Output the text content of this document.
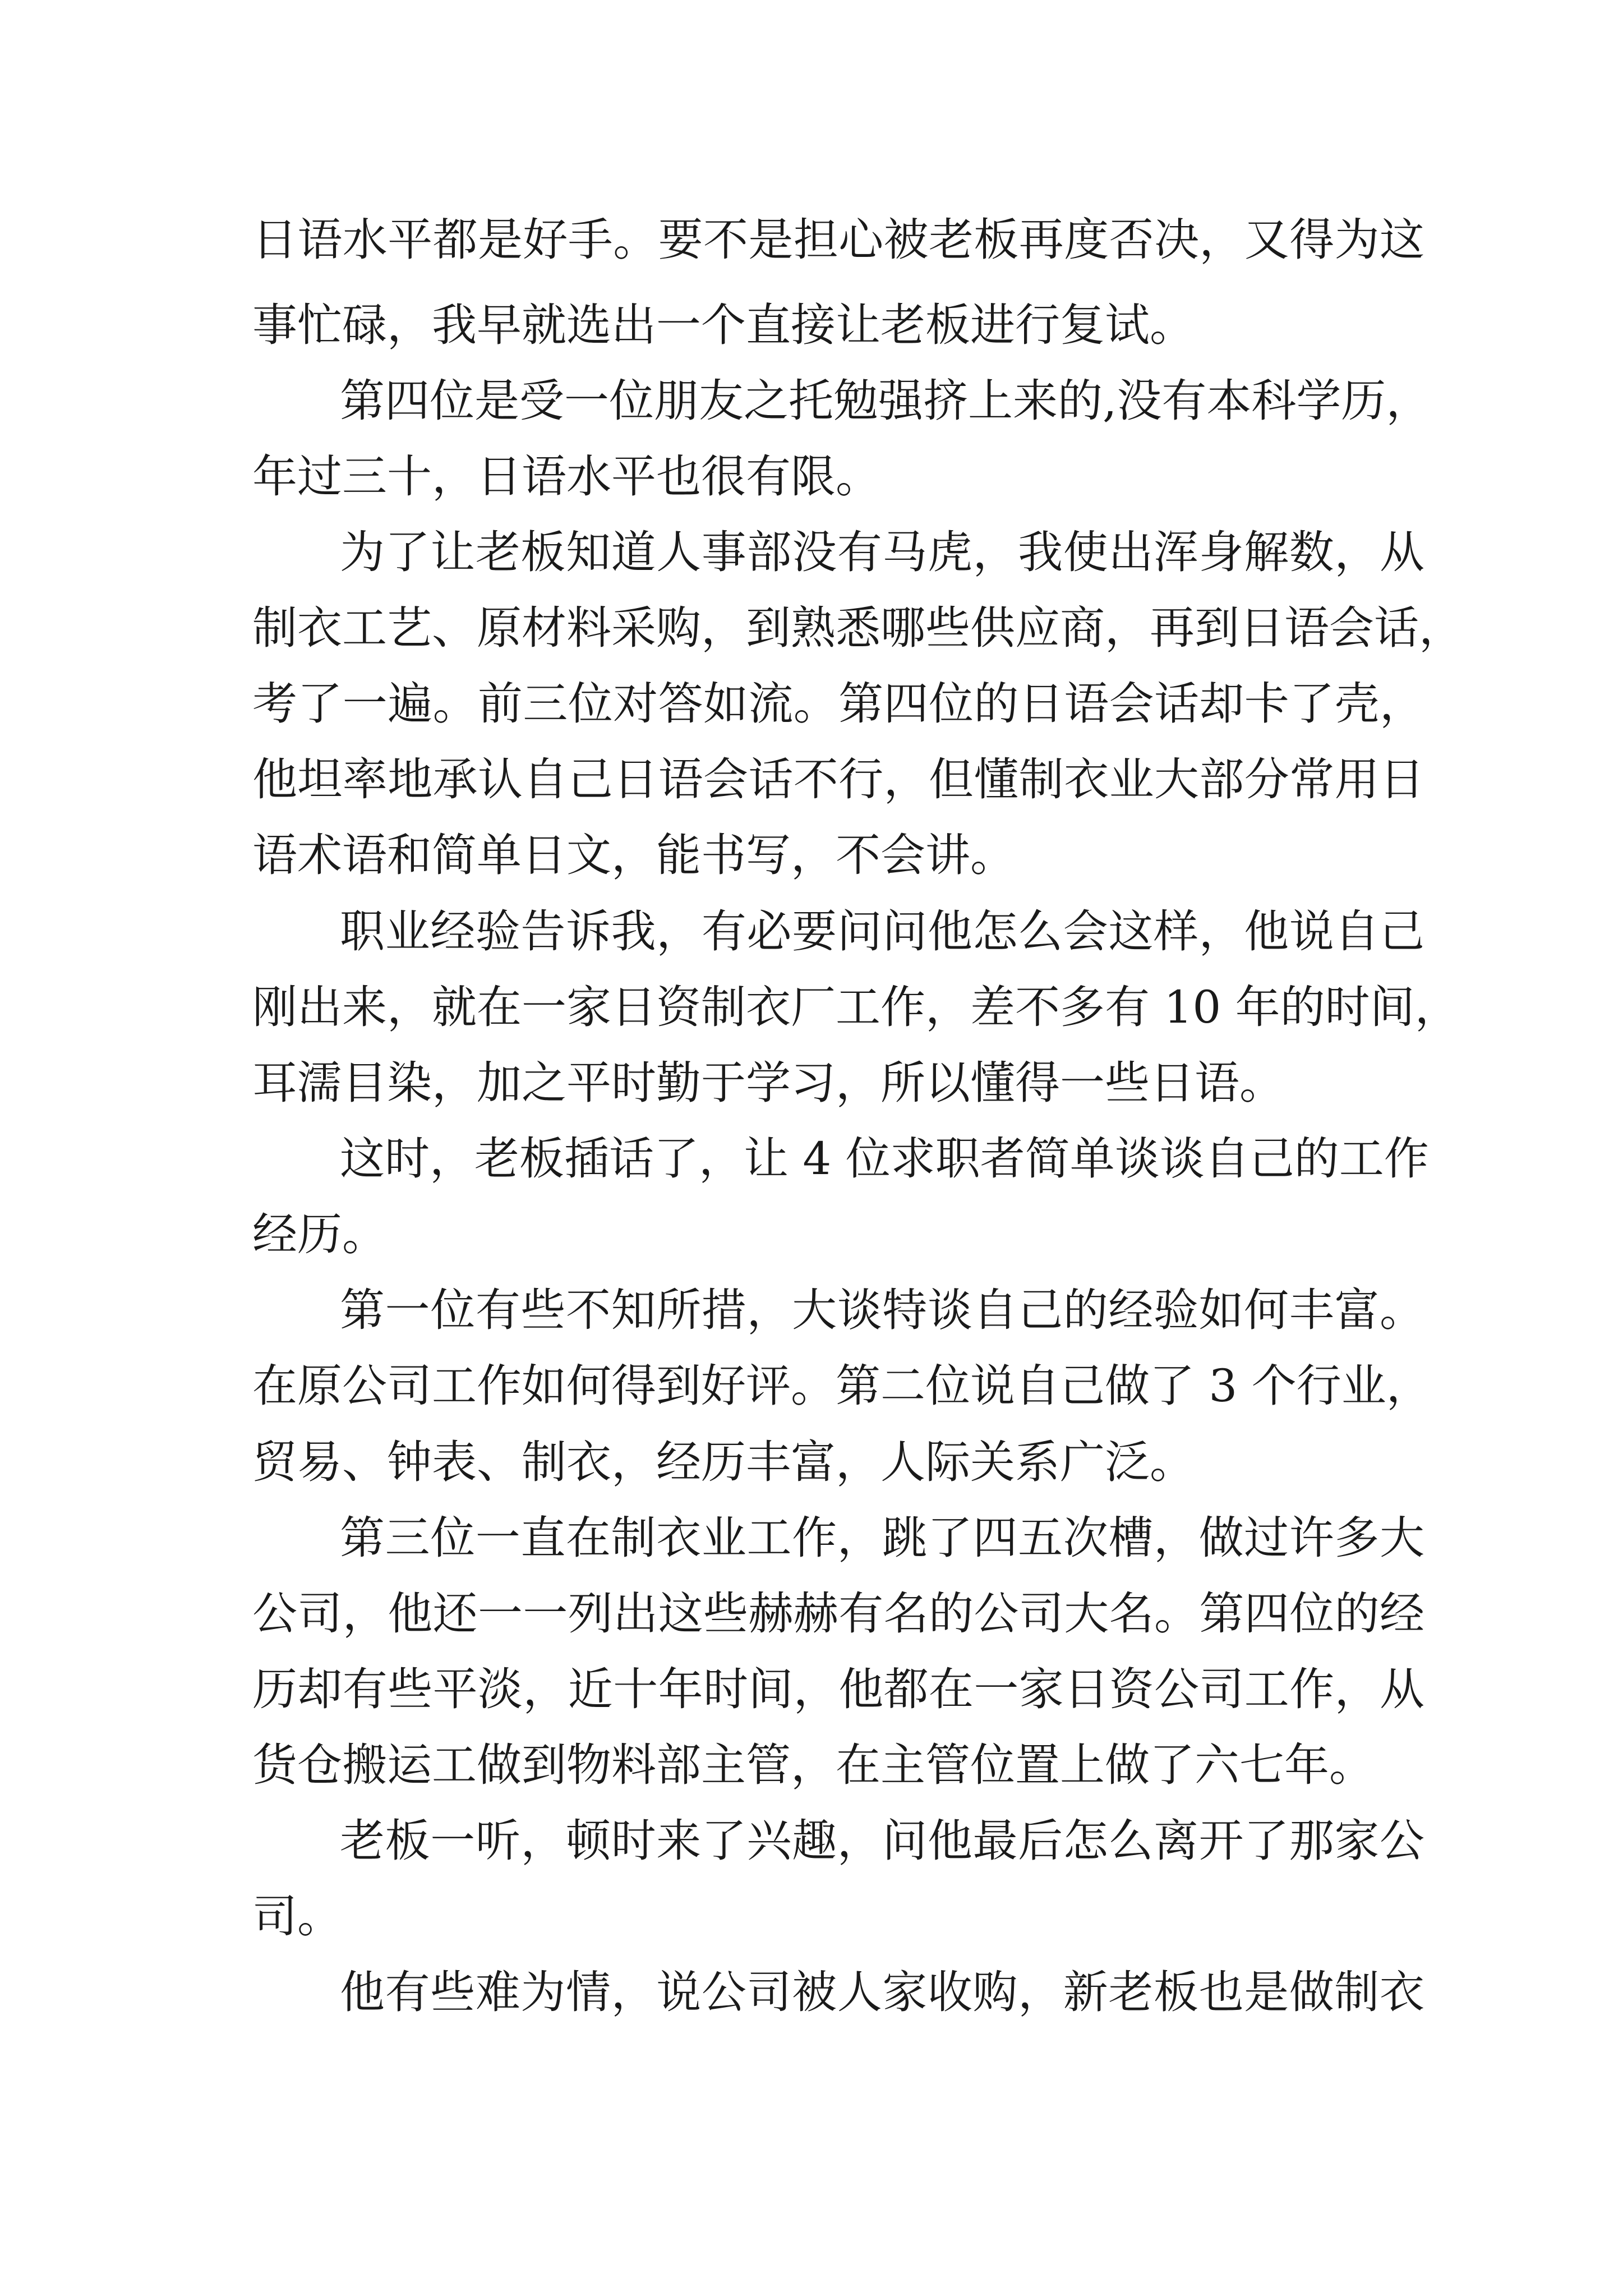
日语水平都是好手。要不是担心被老板再度否决，又得为这

事忙碌，我早就选出一个直接让老板进行复试。

第四位是受一位朋友之托勉强挤上来的,没有本科学历，

年过三十，日语水平也很有限。

为了让老板知道人事部没有马虎，我使出浑身解数，从

制衣工艺、原材料采购，到熟悉哪些供应商，再到日语会话，

考了一遍。前三位对答如流。第四位的日语会话却卡了壳，

他坦率地承认自己日语会话不行，但懂制衣业大部分常用日

语术语和简单日文，能书写，不会讲。

职业经验告诉我，有必要问问他怎么会这样，他说自己

刚出来，就在一家日资制衣厂工作，差不多有 10 年的时间，

耳濡目染，加之平时勤于学习，所以懂得一些日语。

这时，老板插话了，让 4 位求职者简单谈谈自己的工作

经历。

第一位有些不知所措，大谈特谈自己的经验如何丰富。

在原公司工作如何得到好评。第二位说自己做了 3 个行业，

贸易、钟表、制衣，经历丰富，人际关系广泛。

第三位一直在制衣业工作，跳了四五次槽，做过许多大

公司，他还一一列出这些赫赫有名的公司大名。第四位的经

历却有些平淡，近十年时间，他都在一家日资公司工作，从

货仓搬运工做到物料部主管，在主管位置上做了六七年。

老板一听，顿时来了兴趣，问他最后怎么离开了那家公

司。

他有些难为情，说公司被人家收购，新老板也是做制衣
